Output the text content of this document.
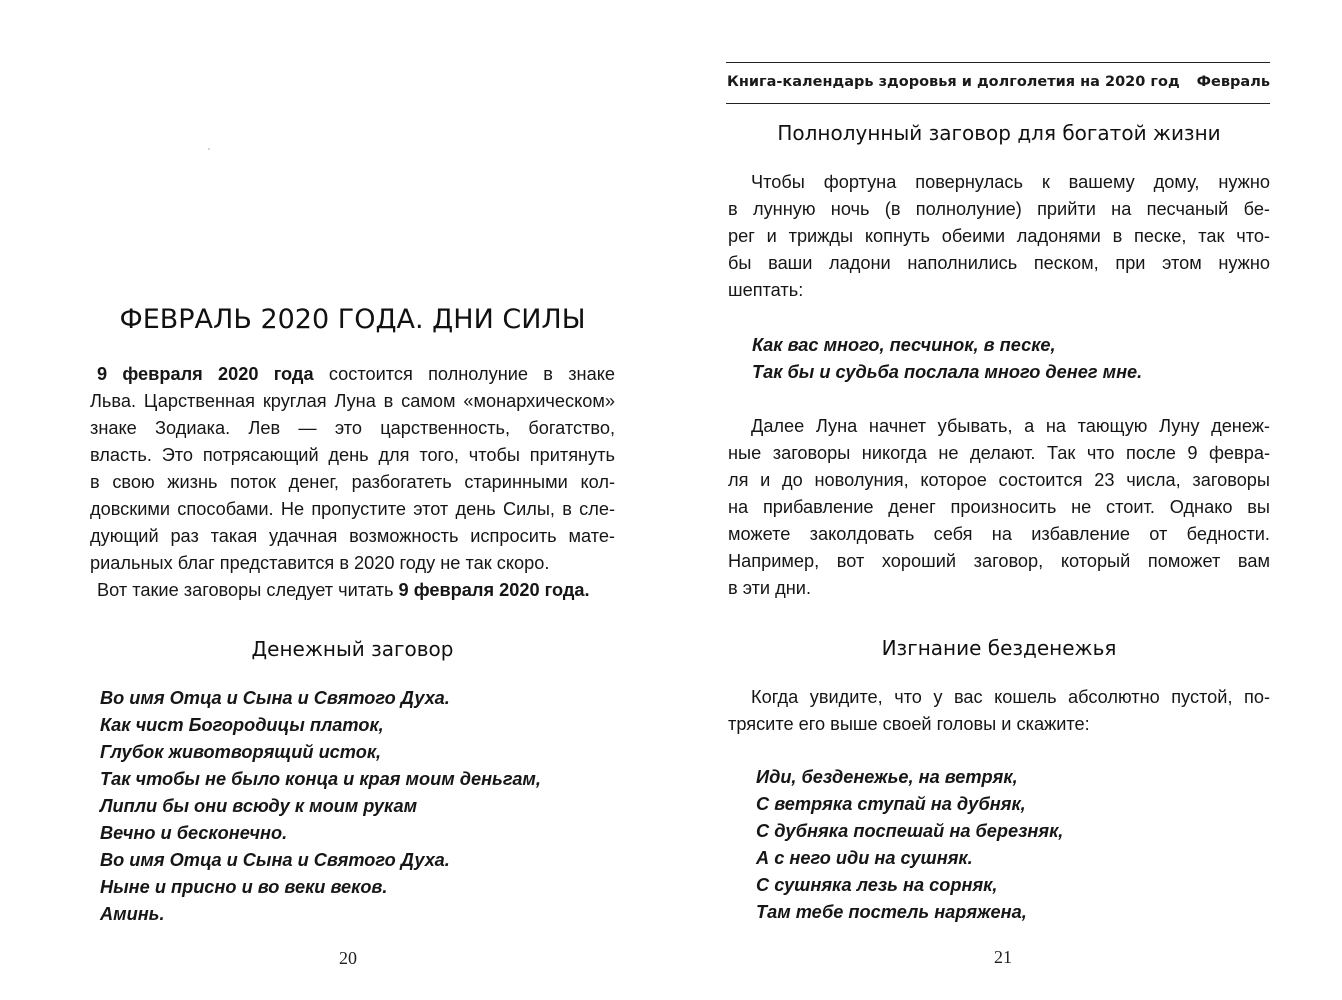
ФЕВРАЛЬ 2020 ГОДА. ДНИ СИЛЫ
9 февраля 2020 года состоится полнолуние в знаке
Льва. Царственная круглая Луна в самом «монархическом»
знаке Зодиака. Лев — это царственность, богатство,
власть. Это потрясающий день для того, чтобы притянуть
в свою жизнь поток денег, разбогатеть старинными кол-
довскими способами. Не пропустите этот день Силы, в сле-
дующий раз такая удачная возможность испросить мате-
риальных благ представится в 2020 году не так скоро.
Вот такие заговоры следует читать 9 февраля 2020 года.
Денежный заговор
Во имя Отца и Сына и Святого Духа.
Как чист Богородицы платок,
Глубок животворящий исток,
Так чтобы не было конца и края моим деньгам,
Липли бы они всюду к моим рукам
Вечно и бесконечно.
Во имя Отца и Сына и Святого Духа.
Ныне и присно и во веки веков.
Аминь.
20
Книга-календарь здоровья и долголетия на 2020 год Февраль
Полнолунный заговор для богатой жизни
Чтобы фортуна повернулась к вашему дому, нужно
в лунную ночь (в полнолуние) прийти на песчаный бе-
рег и трижды копнуть обеими ладонями в песке, так что-
бы ваши ладони наполнились песком, при этом нужно
шептать:
Как вас много, песчинок, в песке,
Так бы и судьба послала много денег мне.
Далее Луна начнет убывать, а на тающую Луну денеж-
ные заговоры никогда не делают. Так что после 9 февра-
ля и до новолуния, которое состоится 23 числа, заговоры
на прибавление денег произносить не стоит. Однако вы
можете заколдовать себя на избавление от бедности.
Например, вот хороший заговор, который поможет вам
в эти дни.
Изгнание безденежья
Когда увидите, что у вас кошель абсолютно пустой, по-
трясите его выше своей головы и скажите:
Иди, безденежье, на ветряк,
С ветряка ступай на дубняк,
С дубняка поспешай на березняк,
А с него иди на сушняк.
С сушняка лезь на сорняк,
Там тебе постель наряжена,
21
